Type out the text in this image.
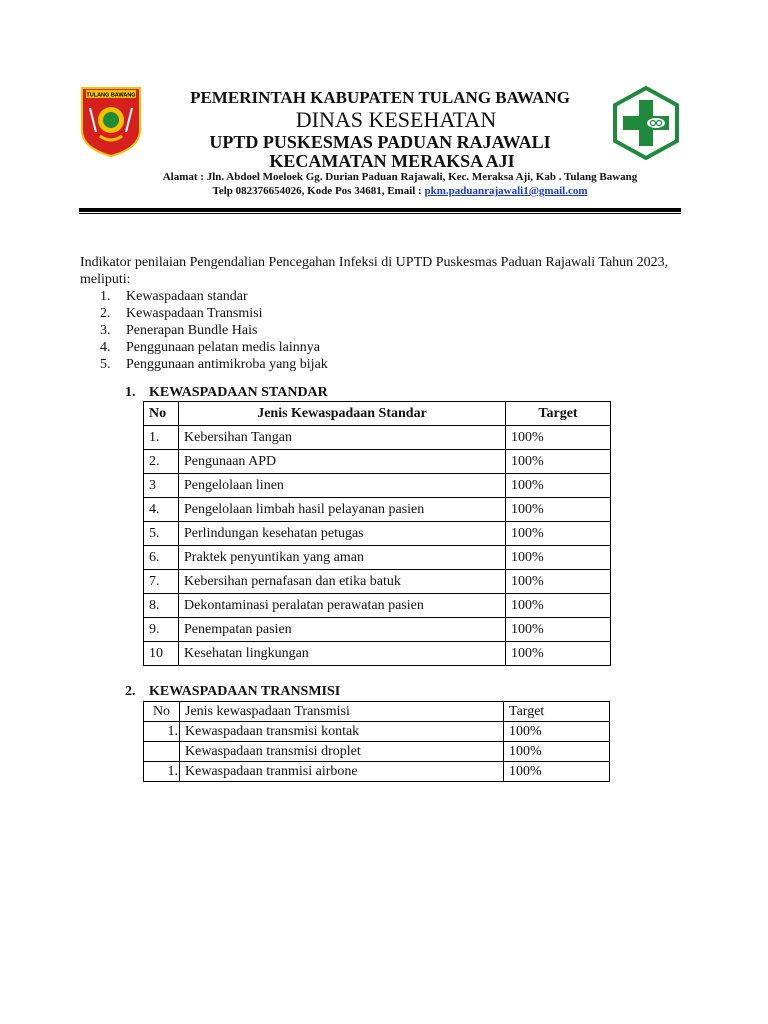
TULANG BAWANG	PEMERINTAH KABUPATEN TULANG BAWANG
DINAS KESEHATAN
UPTD PUSKESMAS PADUAN RAJAWALI
KECAMATAN MERAKSA AJI
Alamat : Jln. Abdoel Moeloek Gg. Durian Paduan Rajawali, Kec. Meraksa Aji, Kab . Tulang Bawang
Telp 082376654026, Kode Pos 34681, Email : pkm.paduanrajawali1@gmail.com
Indikator penilaian Pengendalian Pencegahan Infeksi di UPTD Puskesmas Paduan Rajawali Tahun 2023, meliputi:
1.	Kewaspadaan standar
2.	Kewaspadaan Transmisi
3.	Penerapan Bundle Hais
4.	Penggunaan pelatan medis lainnya
5.	Penggunaan antimikroba yang bijak
1. KEWASPADAAN STANDAR
No	Jenis Kewaspadaan Standar	Target
1.	Kebersihan Tangan	100%
2.	Pengunaan APD	100%
3	Pengelolaan linen	100%
4.	Pengelolaan limbah hasil pelayanan pasien	100%
5.	Perlindungan kesehatan petugas	100%
6.	Praktek penyuntikan yang aman	100%
7.	Kebersihan pernafasan dan etika batuk	100%
8.	Dekontaminasi peralatan perawatan pasien	100%
9.	Penempatan pasien	100%
10	Kesehatan lingkungan	100%
2. KEWASPADAAN TRANSMISI
No	Jenis kewaspadaan Transmisi	Target
1.	Kewaspadaan transmisi kontak	100%
	Kewaspadaan transmisi droplet	100%
1.	Kewaspadaan tranmisi airbone	100%
